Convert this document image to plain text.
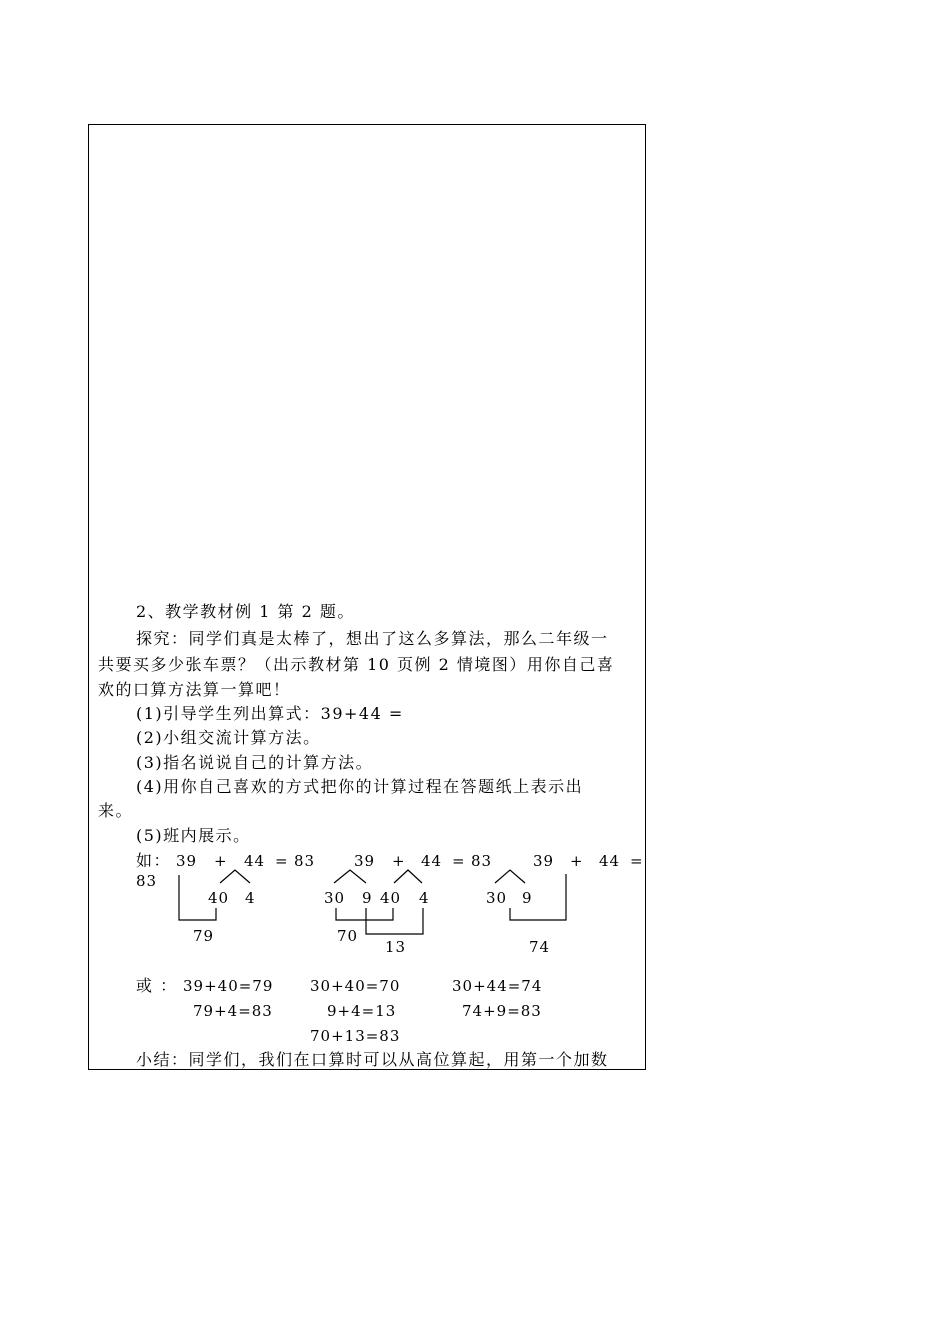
2、教学教材例 1 第 2 题。
探究：同学们真是太棒了，想出了这么多算法，那么二年级一
共要买多少张车票？（出示教材第 10 页例 2 情境图）用你自己喜
欢的口算方法算一算吧！
(1)引导学生列出算式：39+44 =
(2)小组交流计算方法。
(3)指名说说自己的计算方法。
(4)用你自己喜欢的方式把你的计算过程在答题纸上表示出
来。
(5)班内展示。
如： 39 + 44 = 83	39 + 44 = 83	39 + 44 =
83
40 4
79
30 9 40 4
70
13
30 9
74
或 ： 39+40=79
79+4=83
30+40=70
9+4=13
70+13=83
30+44=74
74+9=83
小结：同学们，我们在口算时可以从高位算起，用第一个加数
